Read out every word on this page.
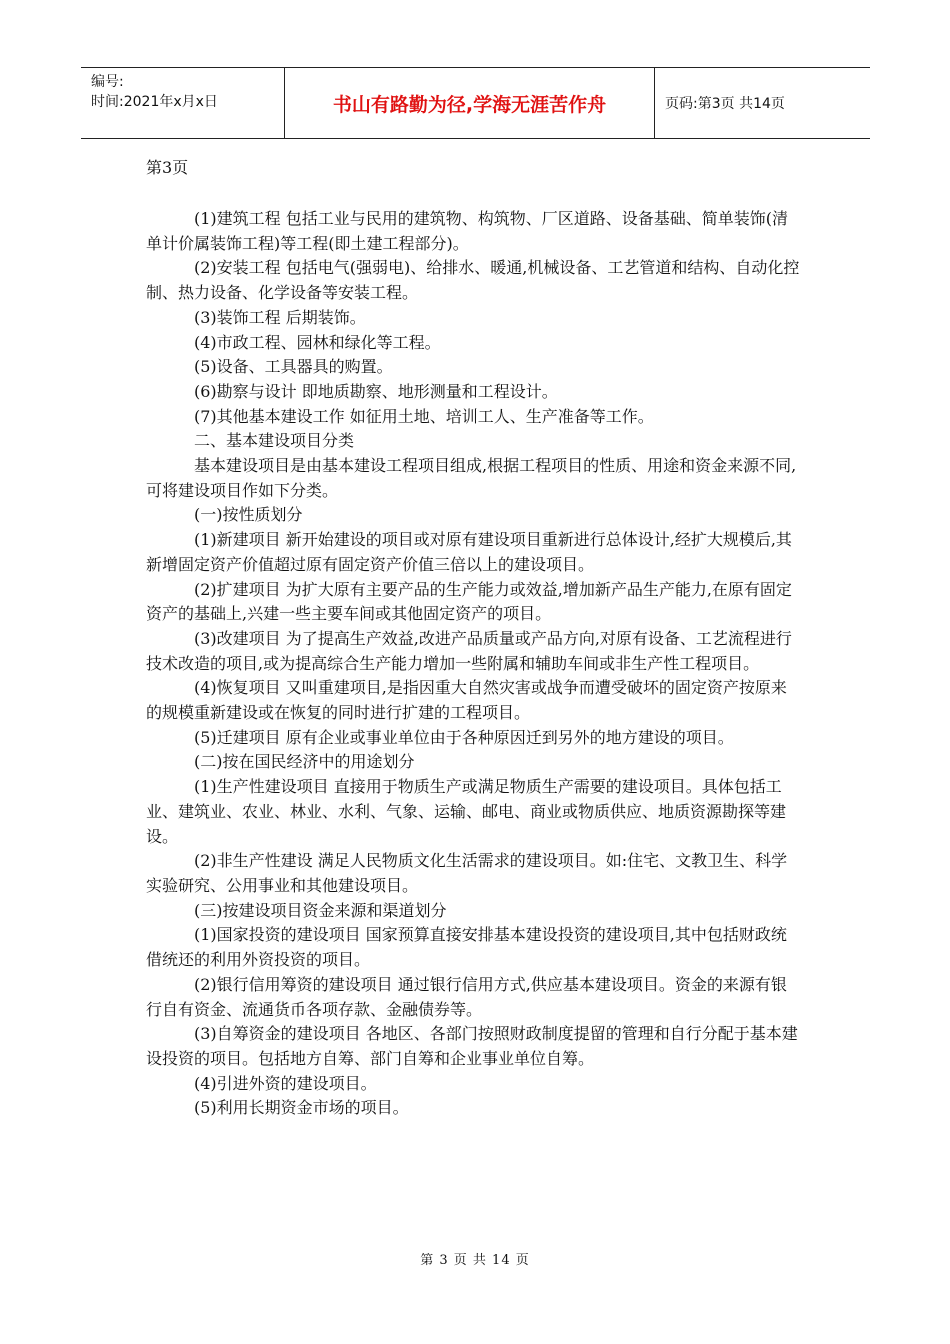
编号:
时间:2021年x月x日	书山有路勤为径,学海无涯苦作舟	页码:第3页 共14页
第3页

(1)建筑工程 包括工业与民用的建筑物、构筑物、厂区道路、设备基础、简单装饰(清单计价属装饰工程)等工程(即土建工程部分)。

(2)安装工程 包括电气(强弱电)、给排水、暖通,机械设备、工艺管道和结构、自动化控制、热力设备、化学设备等安装工程。

(3)装饰工程 后期装饰。

(4)市政工程、园林和绿化等工程。

(5)设备、工具器具的购置。

(6)勘察与设计 即地质勘察、地形测量和工程设计。

(7)其他基本建设工作 如征用土地、培训工人、生产准备等工作。

二、基本建设项目分类

基本建设项目是由基本建设工程项目组成,根据工程项目的性质、用途和资金来源不同,可将建设项目作如下分类。

(一)按性质划分

(1)新建项目 新开始建设的项目或对原有建设项目重新进行总体设计,经扩大规模后,其新增固定资产价值超过原有固定资产价值三倍以上的建设项目。

(2)扩建项目 为扩大原有主要产品的生产能力或效益,增加新产品生产能力,在原有固定资产的基础上,兴建一些主要车间或其他固定资产的项目。

(3)改建项目 为了提高生产效益,改进产品质量或产品方向,对原有设备、工艺流程进行技术改造的项目,或为提高综合生产能力增加一些附属和辅助车间或非生产性工程项目。

(4)恢复项目 又叫重建项目,是指因重大自然灾害或战争而遭受破坏的固定资产按原来的规模重新建设或在恢复的同时进行扩建的工程项目。

(5)迁建项目 原有企业或事业单位由于各种原因迁到另外的地方建设的项目。

(二)按在国民经济中的用途划分

(1)生产性建设项目 直接用于物质生产或满足物质生产需要的建设项目。具体包括工业、建筑业、农业、林业、水利、气象、运输、邮电、商业或物质供应、地质资源勘探等建设。

(2)非生产性建设 满足人民物质文化生活需求的建设项目。如:住宅、文教卫生、科学实验研究、公用事业和其他建设项目。

(三)按建设项目资金来源和渠道划分

(1)国家投资的建设项目 国家预算直接安排基本建设投资的建设项目,其中包括财政统借统还的利用外资投资的项目。

(2)银行信用筹资的建设项目 通过银行信用方式,供应基本建设项目。资金的来源有银行自有资金、流通货币各项存款、金融债券等。

(3)自筹资金的建设项目 各地区、各部门按照财政制度提留的管理和自行分配于基本建设投资的项目。包括地方自筹、部门自筹和企业事业单位自筹。

(4)引进外资的建设项目。

(5)利用长期资金市场的项目。

第 3 页 共 14 页
